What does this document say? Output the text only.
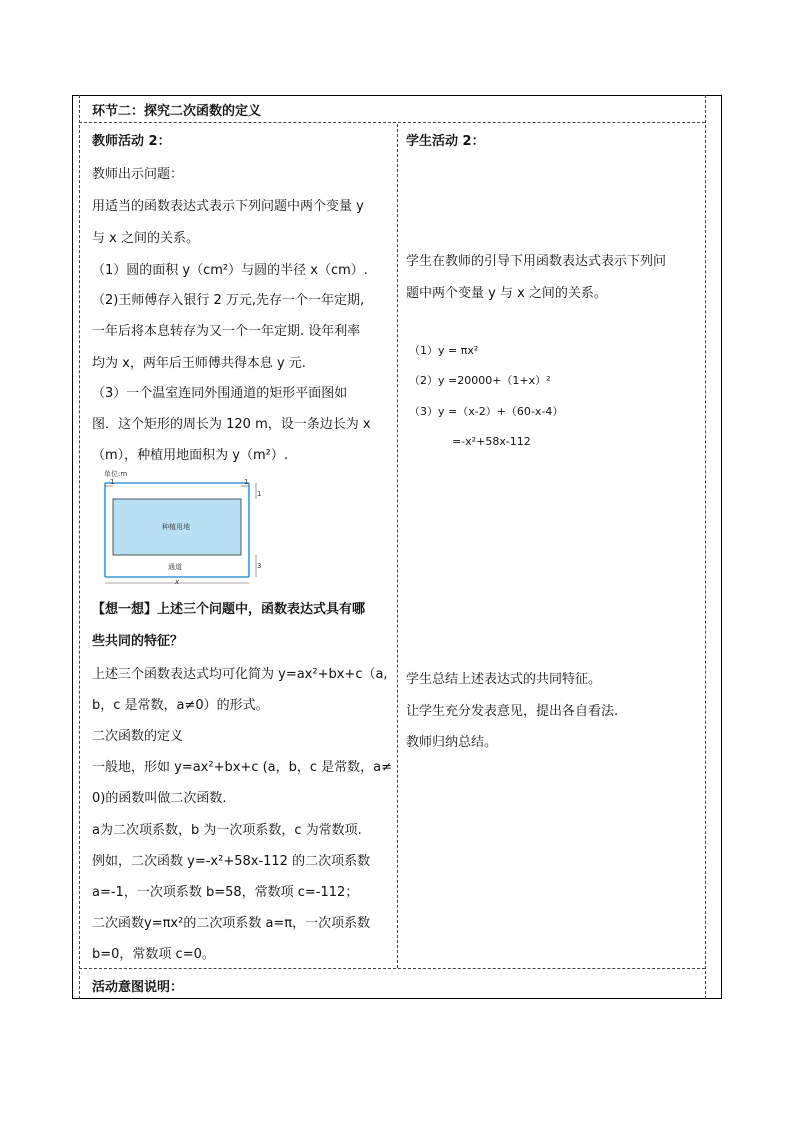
环节二：探究二次函数的定义
教师活动 2：
教师出示问题：
用适当的函数表达式表示下列问题中两个变量 y
与 x 之间的关系。
（1）圆的面积 y（cm²）与圆的半径 x（cm）.
（2)王师傅存入银行 2 万元,先存一个一年定期,
一年后将本息转存为又一个一年定期. 设年利率
均为 x，两年后王师傅共得本息 y 元.
（3）一个温室连同外围通道的矩形平面图如
图．这个矩形的周长为 120 m，设一条边长为 x
（m），种植用地面积为 y（m²）.
单位:m
1	1
1
3
种植用地
通道
x
【想一想】上述三个问题中，函数表达式具有哪
些共同的特征？
上述三个函数表达式均可化简为 y=ax²+bx+c（a,
b，c 是常数，a≠0）的形式。
二次函数的定义
一般地，形如 y=ax²+bx+c (a，b，c 是常数，a≠
0)的函数叫做二次函数.
a为二次项系数，b 为一次项系数，c 为常数项.
例如，二次函数 y=-x²+58x-112 的二次项系数
a=-1，一次项系数 b=58，常数项 c=-112；
二次函数y=πx²的二次项系数 a=π，一次项系数
b=0，常数项 c=0。
学生活动 2：
学生在教师的引导下用函数表达式表示下列问
题中两个变量 y 与 x 之间的关系。
（1）y = πx²
（2）y =20000+（1+x）²
（3）y =（x-2）+（60-x-4）
=-x²+58x-112
学生总结上述表达式的共同特征。
让学生充分发表意见，提出各自看法.
教师归纳总结。
活动意图说明：
